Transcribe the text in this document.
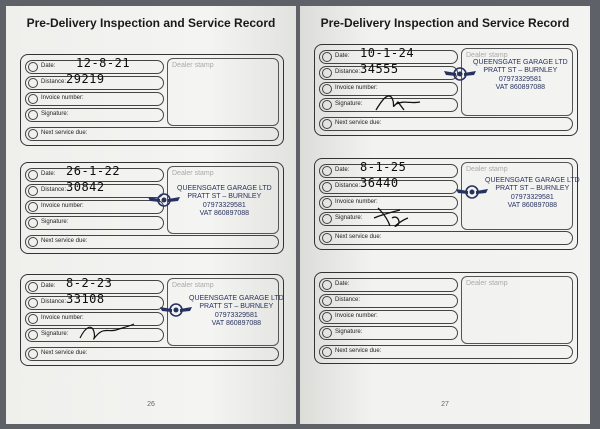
Pre-Delivery Inspection and Service Record
Date: 12-8-21
Distance: 29219
Invoice number:
Signature:
Next service due:
Dealer stamp
Date: 26-1-22
Distance: 30842
Invoice number:
Signature:
Next service due:
Dealer stamp
QUEENSGATE GARAGE LTD
PRATT ST – BURNLEY
07973329581
VAT 860897088
Date: 8-2-23
Distance: 33108
Invoice number:
Signature:
Next service due:
Dealer stamp
QUEENSGATE GARAGE LTD
PRATT ST – BURNLEY
07973329581
VAT 860897088
26
Pre-Delivery Inspection and Service Record
Date: 10-1-24
Distance: 34555
Invoice number:
Signature:
Next service due:
Dealer stamp
QUEENSGATE GARAGE LTD
PRATT ST – BURNLEY
07973329581
VAT 860897088
Date: 8-1-25
Distance: 36440
Invoice number:
Signature:
Next service due:
Dealer stamp
QUEENSGATE GARAGE LTD
PRATT ST – BURNLEY
07973329581
VAT 860897088
Date:
Distance:
Invoice number:
Signature:
Next service due:
Dealer stamp
27
